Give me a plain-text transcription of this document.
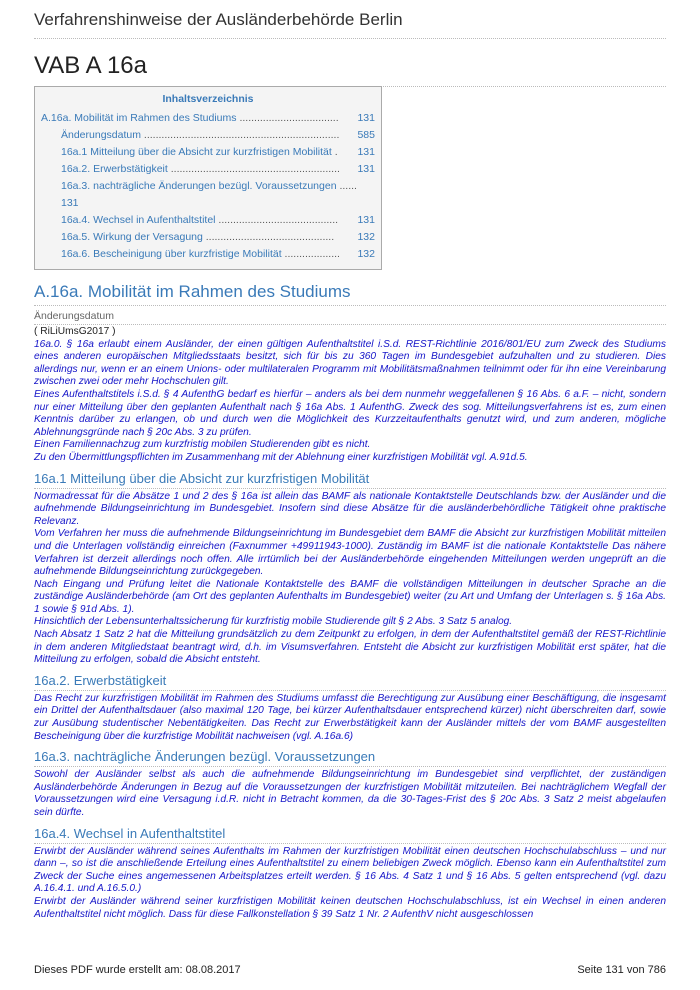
Verfahrenshinweise der Ausländerbehörde Berlin
VAB A 16a
Inhaltsverzeichnis
A.16a. Mobilität im Rahmen des Studiums .................................. 131
Änderungsdatum ................................................................... 585
16a.1 Mitteilung über die Absicht zur kurzfristigen Mobilität . 131
16a.2. Erwerbstätigkeit .......................................................... 131
16a.3. nachträgliche Änderungen bezügl. Voraussetzungen ......
131
16a.4. Wechsel in Aufenthaltstitel ......................................... 131
16a.5. Wirkung der Versagung ............................................ 132
16a.6. Bescheinigung über kurzfristige Mobilität ................... 132
A.16a. Mobilität im Rahmen des Studiums
Änderungsdatum

( RiLiUmsG2017 )

16a.0. § 16a erlaubt einem Ausländer, der einen gültigen Aufenthaltstitel i.S.d. REST-Richtlinie 2016/801/EU zum Zweck des Studiums eines anderen europäischen Mitgliedsstaats besitzt, sich für bis zu 360 Tagen im Bundesgebiet aufzuhalten und zu studieren. Dies allerdings nur, wenn er an einem Unions- oder multilateralen Programm mit Mobilitätsmaßnahmen teilnimmt oder für ihn eine Vereinbarung zwischen zwei oder mehr Hochschulen gilt.

Eines Aufenthaltstitels i.S.d. § 4 AufenthG bedarf es hierfür – anders als bei dem nunmehr weggefallenen § 16 Abs. 6 a.F. – nicht, sondern nur einer Mitteilung über den geplanten Aufenthalt nach § 16a Abs. 1 AufenthG. Zweck des sog. Mitteilungsverfahrens ist es, zum einen Kenntnis darüber zu erlangen, ob und durch wen die Möglichkeit des Kurzzeitaufenthalts genutzt wird, und zum anderen, mögliche Ablehnungsgründe nach § 20c Abs. 3 zu prüfen.

Einen Familiennachzug zum kurzfristig mobilen Studierenden gibt es nicht.

Zu den Übermittlungspflichten im Zusammenhang mit der Ablehnung einer kurzfristigen Mobilität vgl. A.91d.5.

16a.1 Mitteilung über die Absicht zur kurzfristigen Mobilität

Normadressat für die Absätze 1 und 2 des § 16a ist allein das BAMF als nationale Kontaktstelle Deutschlands bzw. der Ausländer und die aufnehmende Bildungseinrichtung im Bundesgebiet. Insofern sind diese Absätze für die ausländerbehördliche Tätigkeit ohne praktische Relevanz.

Vom Verfahren her muss die aufnehmende Bildungseinrichtung im Bundesgebiet dem BAMF die Absicht zur kurzfristigen Mobilität mitteilen und die Unterlagen vollständig einreichen (Faxnummer +49911943-1000). Zuständig im BAMF ist die nationale Kontaktstelle Das nähere Verfahren ist derzeit allerdings noch offen. Alle irrtümlich bei der Ausländerbehörde eingehenden Mitteilungen werden ungeprüft an die aufnehmende Bildungseinrichtung zurückgegeben.

Nach Eingang und Prüfung leitet die Nationale Kontaktstelle des BAMF die vollständigen Mitteilungen in deutscher Sprache an die zuständige Ausländerbehörde (am Ort des geplanten Aufenthalts im Bundesgebiet) weiter (zu Art und Umfang der Unterlagen s. § 16a Abs. 1 sowie § 91d Abs. 1).

Hinsichtlich der Lebensunterhaltssicherung für kurzfristig mobile Studierende gilt § 2 Abs. 3 Satz 5 analog.

Nach Absatz 1 Satz 2 hat die Mitteilung grundsätzlich zu dem Zeitpunkt zu erfolgen, in dem der Aufenthaltstitel gemäß der REST-Richtlinie in dem anderen Mitgliedstaat beantragt wird, d.h. im Visumsverfahren. Entsteht die Absicht zur kurzfristigen Mobilität erst später, hat die Mitteilung zu erfolgen, sobald die Absicht entsteht.

16a.2. Erwerbstätigkeit

Das Recht zur kurzfristigen Mobilität im Rahmen des Studiums umfasst die Berechtigung zur Ausübung einer Beschäftigung, die insgesamt ein Drittel der Aufenthaltsdauer (also maximal 120 Tage, bei kürzer Aufenthaltsdauer entsprechend kürzer) nicht überschreiten darf, sowie zur Ausübung studentischer Nebentätigkeiten. Das Recht zur Erwerbstätigkeit kann der Ausländer mittels der vom BAMF ausgestellten Bescheinigung über die kurzfristige Mobilität nachweisen (vgl. A.16a.6)

16a.3. nachträgliche Änderungen bezügl. Voraussetzungen

Sowohl der Ausländer selbst als auch die aufnehmende Bildungseinrichtung im Bundesgebiet sind verpflichtet, der zuständigen Ausländerbehörde Änderungen in Bezug auf die Voraussetzungen der kurzfristigen Mobilität mitzuteilen. Bei nachträglichem Wegfall der Voraussetzungen wird eine Versagung i.d.R. nicht in Betracht kommen, da die 30-Tages-Frist des § 20c Abs. 3 Satz 2 meist abgelaufen sein dürfte.

16a.4. Wechsel in Aufenthaltstitel

Erwirbt der Ausländer während seines Aufenthalts im Rahmen der kurzfristigen Mobilität einen deutschen Hochschulabschluss – und nur dann –, so ist die anschließende Erteilung eines Aufenthaltstitel zu einem beliebigen Zweck möglich. Ebenso kann ein Aufenthaltstitel zum Zweck der Suche eines angemessenen Arbeitsplatzes erteilt werden. § 16 Abs. 4 Satz 1 und § 16 Abs. 5 gelten entsprechend (vgl. dazu A.16.4.1. und A.16.5.0.)

Erwirbt der Ausländer während seiner kurzfristigen Mobilität keinen deutschen Hochschulabschluss, ist ein Wechsel in einen anderen Aufenthaltstitel nicht möglich. Dass für diese Fallkonstellation § 39 Satz 1 Nr. 2 AufenthV nicht ausgeschlossen

Dieses PDF wurde erstellt am: 08.08.2017	Seite 131 von 786
